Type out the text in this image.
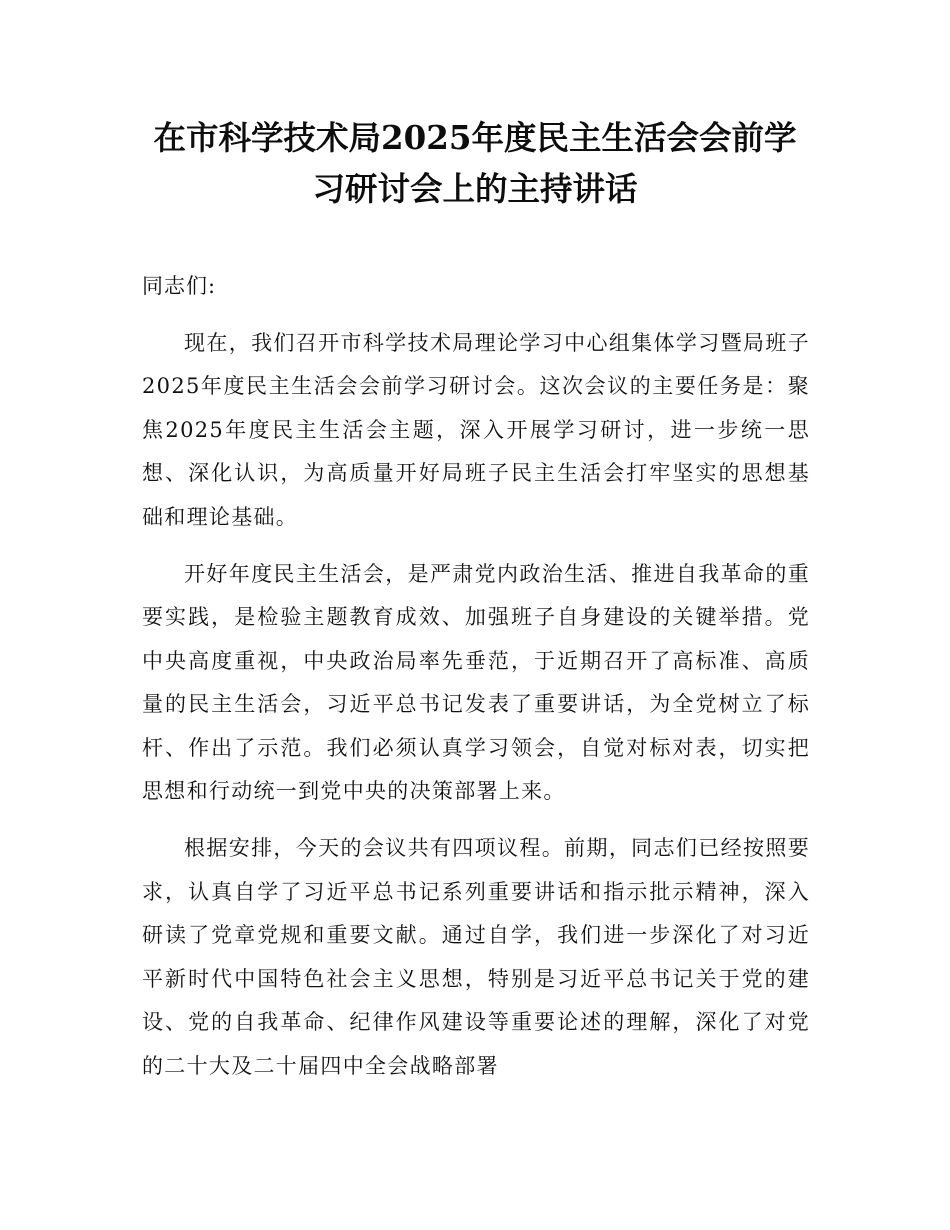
在市科学技术局2025年度民主生活会会前学习研讨会上的主持讲话

同志们:

现在，我们召开市科学技术局理论学习中心组集体学习暨局班子2025年度民主生活会会前学习研讨会。这次会议的主要任务是：聚焦2025年度民主生活会主题，深入开展学习研讨，进一步统一思想、深化认识，为高质量开好局班子民主生活会打牢坚实的思想基础和理论基础。

开好年度民主生活会，是严肃党内政治生活、推进自我革命的重要实践，是检验主题教育成效、加强班子自身建设的关键举措。党中央高度重视，中央政治局率先垂范，于近期召开了高标准、高质量的民主生活会，习近平总书记发表了重要讲话，为全党树立了标杆、作出了示范。我们必须认真学习领会，自觉对标对表，切实把思想和行动统一到党中央的决策部署上来。

根据安排，今天的会议共有四项议程。前期，同志们已经按照要求，认真自学了习近平总书记系列重要讲话和指示批示精神，深入研读了党章党规和重要文献。通过自学，我们进一步深化了对习近平新时代中国特色社会主义思想，特别是习近平总书记关于党的建设、党的自我革命、纪律作风建设等重要论述的理解，深化了对党的二十大及二十届四中全会战略部署
